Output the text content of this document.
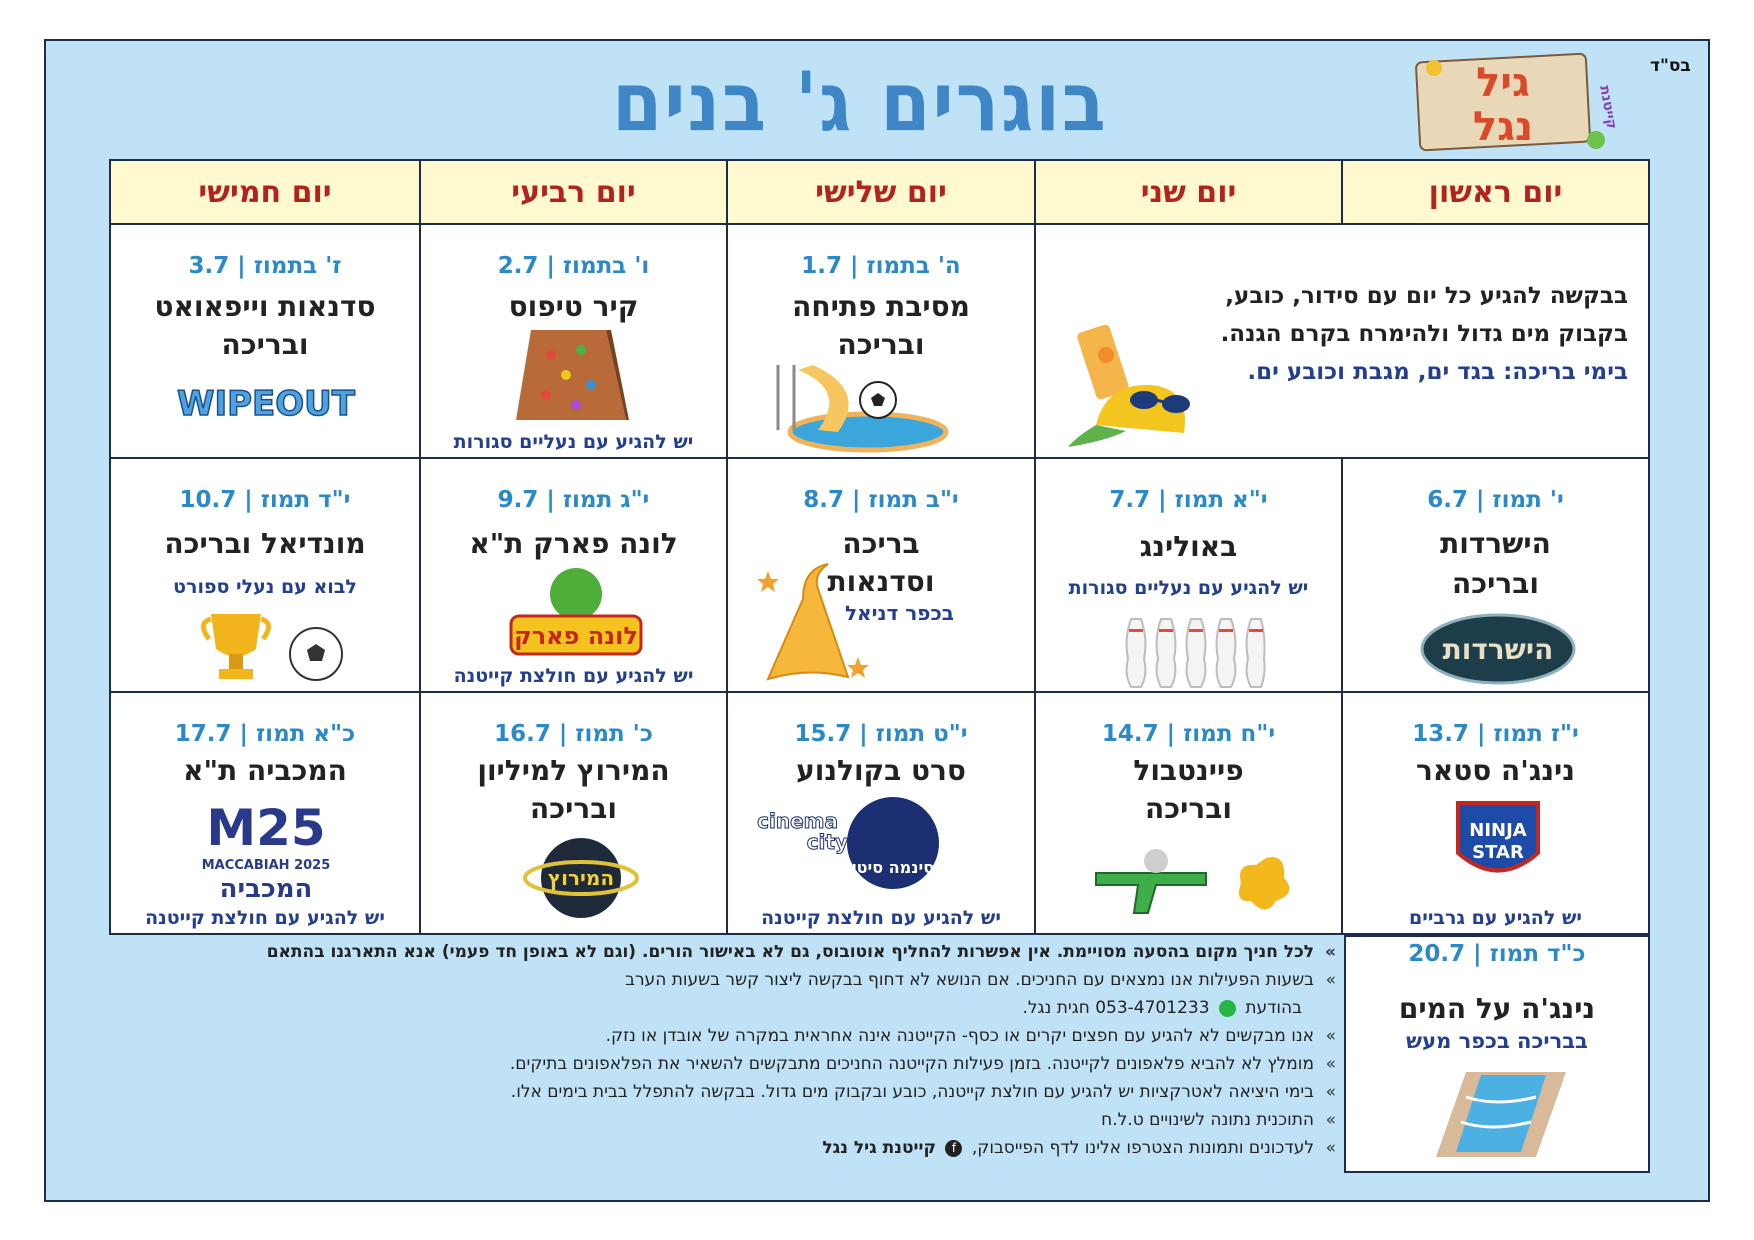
בס"ד
גיל
נגל	קייטנת
בוגרים ג' בנים
יום ראשון
יום שני
יום שלישי
יום רביעי
יום חמישי
בבקשה להגיע כל יום עם סידור, כובע,
בקבוק מים גדול ולהימרח בקרם הגנה.
בימי בריכה: בגד ים, מגבת וכובע ים.
ה' בתמוז | 1.7
מסיבת פתיחה
ובריכה
ו' בתמוז | 2.7
קיר טיפוס
יש להגיע עם נעליים סגורות
ז' בתמוז | 3.7
סדנאות וייפאואט
ובריכה
WIPEOUT
י' תמוז | 6.7
הישרדות
ובריכה
הישרדות
י"א תמוז | 7.7
באולינג
יש להגיע עם נעליים סגורות
י"ב תמוז | 8.7
בריכה
וסדנאות
בכפר דניאל
י"ג תמוז | 9.7
לונה פארק ת"א
לונה פארק
יש להגיע עם חולצת קייטנה
י"ד תמוז | 10.7
מונדיאל ובריכה
לבוא עם נעלי ספורט
י"ז תמוז | 13.7
נינג'ה סטאר
NINJA
STAR
יש להגיע עם גרביים
י"ח תמוז | 14.7
פיינטבול
ובריכה
י"ט תמוז | 15.7
סרט בקולנוע
cinema
city
סינמה סיטי
יש להגיע עם חולצת קייטנה
כ' תמוז | 16.7
המירוץ למיליון
ובריכה
המירוץ
כ"א תמוז | 17.7
המכביה ת"א
M25
MACCABIAH 2025
המכביה
יש להגיע עם חולצת קייטנה
כ"ד תמוז | 20.7
נינג'ה על המים
בבריכה בכפר מעש
» לכל חניך מקום בהסעה מסויימת. אין אפשרות להחליף אוטובוס, גם לא באישור הורים. (וגם לא באופן חד פעמי) אנא התארגנו בהתאם
» בשעות הפעילות אנו נמצאים עם החניכים. אם הנושא לא דחוף בבקשה ליצור קשר בשעות הערב
בהודעת  053-4701233 חגית נגל.
» אנו מבקשים לא להגיע עם חפצים יקרים או כסף- הקייטנה אינה אחראית במקרה של אובדן או נזק.
» מומלץ לא להביא פלאפונים לקייטנה. בזמן פעילות הקייטנה החניכים מתבקשים להשאיר את הפלאפונים בתיקים.
» בימי היציאה לאטרקציות יש להגיע עם חולצת קייטנה, כובע ובקבוק מים גדול. בבקשה להתפלל בבית בימים אלו.
» התוכנית נתונה לשינויים ט.ל.ח
» לעדכונים ותמונות הצטרפו אלינו לדף הפייסבוק, f קייטנת גיל נגל
